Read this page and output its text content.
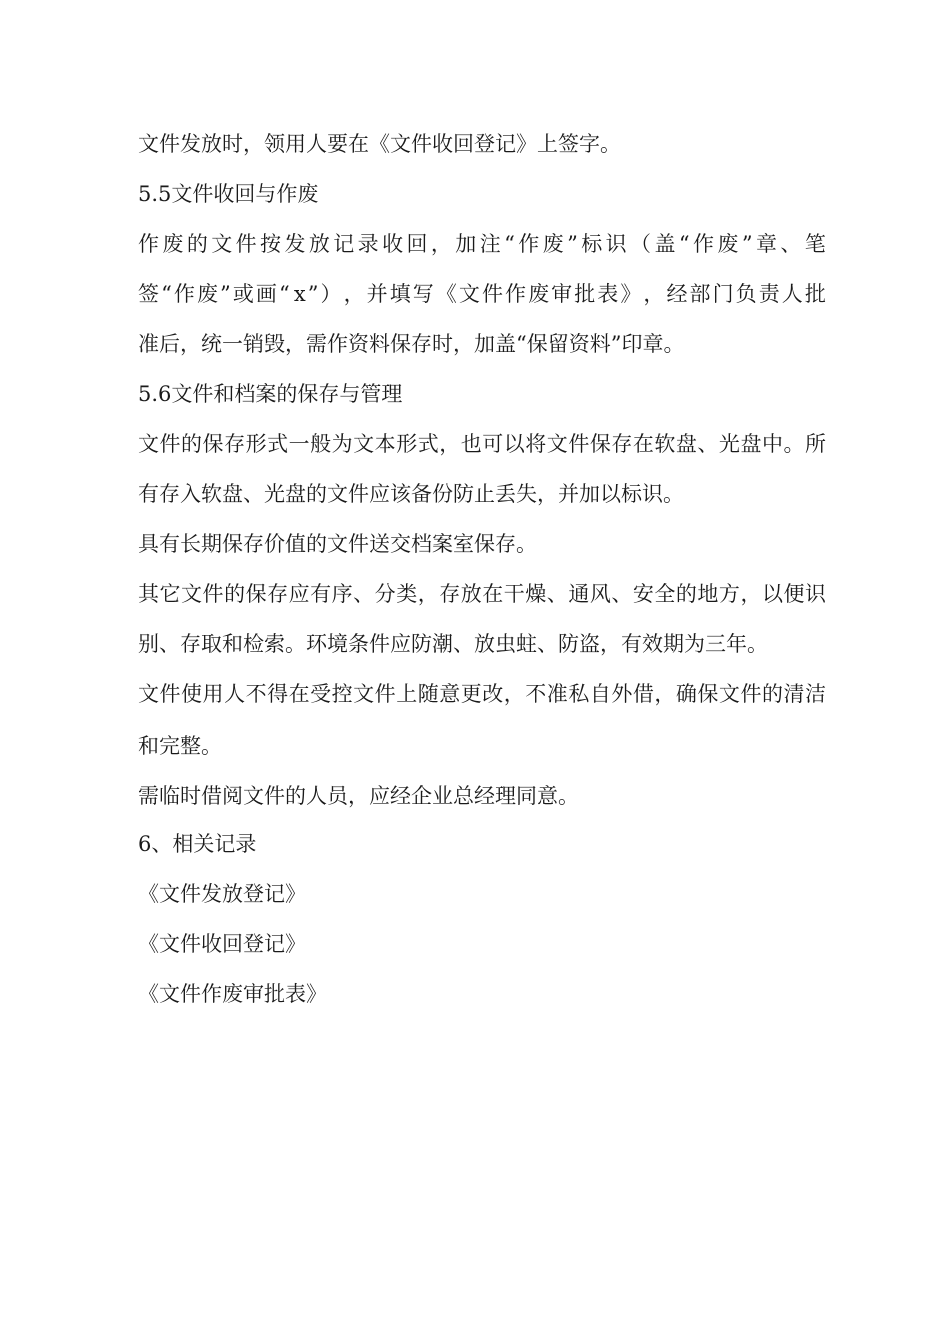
文件发放时，领用人要在《文件收回登记》上签字。

5.5文件收回与作废

作 废 的 文 件 按 发 放 记 录 收 回 ， 加 注 “ 作 废 ” 标 识 （ 盖 “ 作 废 ” 章 、 笔

签 “ 作 废 ” 或 画 “ x ” ） ， 并 填 写 《 文 件 作 废 审 批 表 》 ， 经 部 门 负 责 人 批

准后，统一销毁，需作资料保存时，加盖“保留资料”印章。

5.6文件和档案的保存与管理

文 件 的 保 存 形 式 一 般 为 文 本 形 式 ， 也 可 以 将 文 件 保 存 在 软 盘 、 光 盘 中 。 所

有存入软盘、光盘的文件应该备份防止丢失，并加以标识。

具有长期保存价值的文件送交档案室保存。

其 它 文 件 的 保 存 应 有 序 、 分 类 ， 存 放 在 干 燥 、 通 风 、 安 全 的 地 方 ， 以 便 识

别、存取和检索。环境条件应防潮、放虫蛀、防盗，有效期为三年。

文 件 使 用 人 不 得 在 受 控 文 件 上 随 意 更 改 ， 不 准 私 自 外 借 ， 确 保 文 件 的 清 洁

和完整。

需临时借阅文件的人员，应经企业总经理同意。

6、相关记录

《文件发放登记》

《文件收回登记》

《文件作废审批表》
